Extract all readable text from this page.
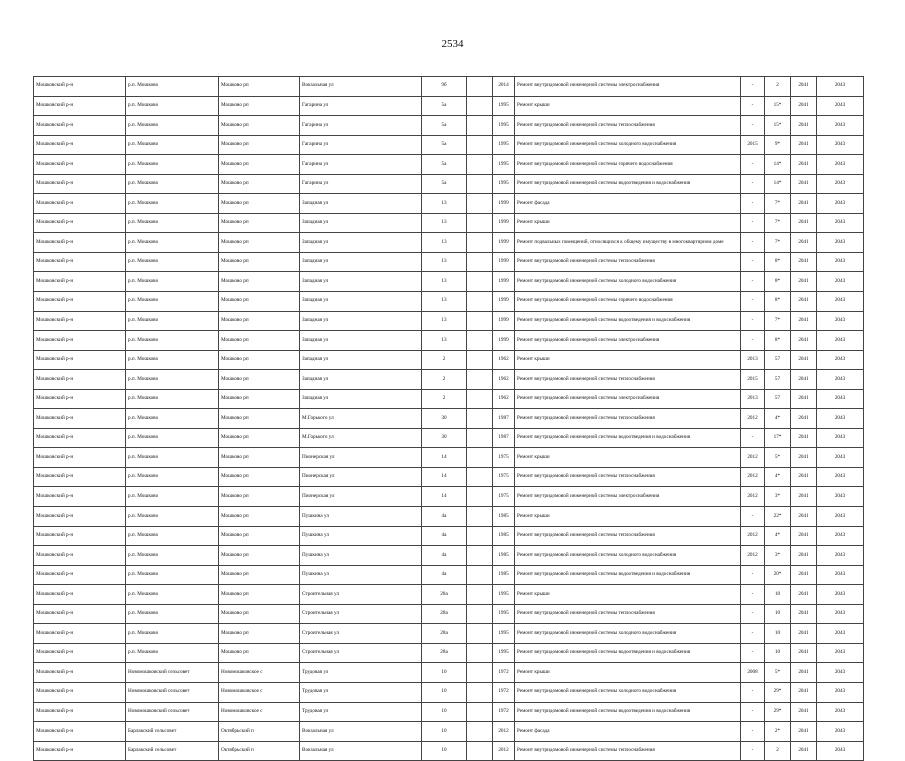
2534
Мошковский р-н	р.п. Мошково	Мошково рп	Вокзальная ул	9б		2014	Ремонт внутридомовой инженерной системы электроснабжения	-	2	2041	2043
Мошковский р-н	р.п. Мошково	Мошково рп	Гагарина ул	5а		1995	Ремонт крыши	-	15*	2041	2043
Мошковский р-н	р.п. Мошково	Мошково рп	Гагарина ул	5а		1995	Ремонт внутридомовой инженерной системы теплоснабжения	-	15*	2041	2043
Мошковский р-н	р.п. Мошково	Мошково рп	Гагарина ул	5а		1995	Ремонт внутридомовой инженерной системы холодного водоснабжения	2015	9*	2041	2043
Мошковский р-н	р.п. Мошково	Мошково рп	Гагарина ул	5а		1995	Ремонт внутридомовой инженерной системы горячего водоснабжения	-	14*	2041	2043
Мошковский р-н	р.п. Мошково	Мошково рп	Гагарина ул	5а		1995	Ремонт внутридомовой инженерной системы водоотведения и водоснабжения	-	14*	2041	2043
Мошковский р-н	р.п. Мошково	Мошково рп	Западная ул	13		1999	Ремонт фасада	-	7*	2041	2043
Мошковский р-н	р.п. Мошково	Мошково рп	Западная ул	13		1999	Ремонт крыши	-	7*	2041	2043
Мошковский р-н	р.п. Мошково	Мошково рп	Западная ул	13		1999	Ремонт подвальных помещений, относящихся к общему имуществу в многоквартирном доме	-	7*	2041	2043
Мошковский р-н	р.п. Мошково	Мошково рп	Западная ул	13		1999	Ремонт внутридомовой инженерной системы теплоснабжения	-	8*	2041	2043
Мошковский р-н	р.п. Мошково	Мошково рп	Западная ул	13		1999	Ремонт внутридомовой инженерной системы холодного водоснабжения	-	8*	2041	2043
Мошковский р-н	р.п. Мошково	Мошково рп	Западная ул	13		1999	Ремонт внутридомовой инженерной системы горячего водоснабжения	-	8*	2041	2043
Мошковский р-н	р.п. Мошково	Мошково рп	Западная ул	13		1999	Ремонт внутридомовой инженерной системы водоотведения и водоснабжения	-	7*	2041	2043
Мошковский р-н	р.п. Мошково	Мошково рп	Западная ул	13		1999	Ремонт внутридомовой инженерной системы электроснабжения	-	8*	2041	2043
Мошковский р-н	р.п. Мошково	Мошково рп	Западная ул	2		1962	Ремонт крыши	2013	57	2041	2043
Мошковский р-н	р.п. Мошково	Мошково рп	Западная ул	2		1962	Ремонт внутридомовой инженерной системы теплоснабжения	2015	57	2041	2043
Мошковский р-н	р.п. Мошково	Мошково рп	Западная ул	2		1962	Ремонт внутридомовой инженерной системы электроснабжения	2013	57	2041	2043
Мошковский р-н	р.п. Мошково	Мошково рп	М.Горького ул	30		1987	Ремонт внутридомовой инженерной системы теплоснабжения	2012	4*	2041	2043
Мошковский р-н	р.п. Мошково	Мошково рп	М.Горького ул	30		1987	Ремонт внутридомовой инженерной системы водоотведения и водоснабжения	-	17*	2041	2043
Мошковский р-н	р.п. Мошково	Мошково рп	Пионерская ул	14		1975	Ремонт крыши	2012	5*	2041	2043
Мошковский р-н	р.п. Мошково	Мошково рп	Пионерская ул	14		1975	Ремонт внутридомовой инженерной системы теплоснабжения	2012	4*	2041	2043
Мошковский р-н	р.п. Мошково	Мошково рп	Пионерская ул	14		1975	Ремонт внутридомовой инженерной системы электроснабжения	2012	3*	2041	2043
Мошковский р-н	р.п. Мошково	Мошково рп	Пушкина ул	4а		1985	Ремонт крыши	-	22*	2041	2043
Мошковский р-н	р.п. Мошково	Мошково рп	Пушкина ул	4а		1985	Ремонт внутридомовой инженерной системы теплоснабжения	2012	4*	2041	2043
Мошковский р-н	р.п. Мошково	Мошково рп	Пушкина ул	4а		1985	Ремонт внутридомовой инженерной системы холодного водоснабжения	2012	3*	2041	2043
Мошковский р-н	р.п. Мошково	Мошково рп	Пушкина ул	4а		1985	Ремонт внутридомовой инженерной системы водоотведения и водоснабжения	-	20*	2041	2043
Мошковский р-н	р.п. Мошково	Мошково рп	Строительная ул	28а		1995	Ремонт крыши	-	10	2041	2043
Мошковский р-н	р.п. Мошково	Мошково рп	Строительная ул	28а		1995	Ремонт внутридомовой инженерной системы теплоснабжения	-	10	2041	2043
Мошковский р-н	р.п. Мошково	Мошково рп	Строительная ул	28а		1995	Ремонт внутридомовой инженерной системы холодного водоснабжения	-	10	2041	2043
Мошковский р-н	р.п. Мошково	Мошково рп	Строительная ул	28а		1995	Ремонт внутридомовой инженерной системы водоотведения и водоснабжения	-	10	2041	2043
Мошковский р-н	Новомошковский сельсовет	Новомошковское с	Трудовая ул	10		1972	Ремонт крыши	2008	5*	2041	2043
Мошковский р-н	Новомошковский сельсовет	Новомошковское с	Трудовая ул	10		1972	Ремонт внутридомовой инженерной системы холодного водоснабжения	-	29*	2041	2043
Мошковский р-н	Новомошковский сельсовет	Новомошковское с	Трудовая ул	10		1972	Ремонт внутридомовой инженерной системы водоотведения и водоснабжения	-	29*	2041	2043
Мошковский р-н	Барлакский сельсовет	Октябрьский п	Вокзальная ул	10		2012	Ремонт фасада	-	2*	2041	2043
Мошковский р-н	Барлакский сельсовет	Октябрьский п	Вокзальная ул	10		2012	Ремонт внутридомовой инженерной системы теплоснабжения	-	2	2041	2043
